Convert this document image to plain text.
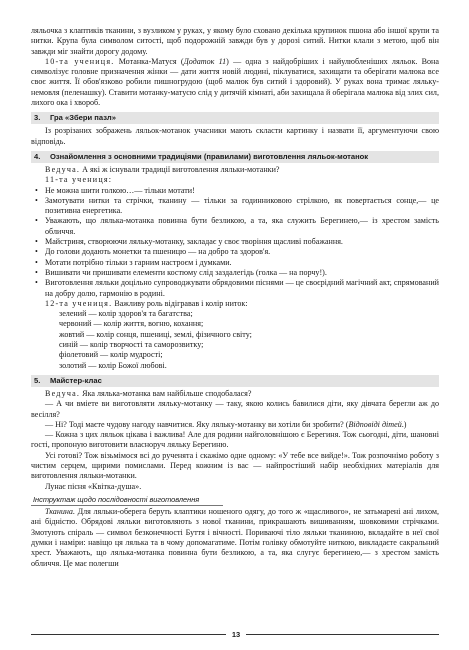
ляльочка з клаптиків тканини, з вузликом у руках, у якому було сховано декілька крупинок пшона або іншої крупи та нитки. Крупа була символом ситості, щоб подорожній завжди був у дорозі ситий. Нитки клали з метою, щоб він завжди міг знайти дорогу додому.

10-та учениця. Мотанка-Матуся (Додаток 11) — одна з найдобріших і найулюбленіших ляльок. Вона символізує головне призначення жінки — дати життя новій людині, піклуватися, захищати та оберігати малюка все своє життя. Її обов'язково робили пишногрудою (щоб малюк був ситий і здоровий). У руках вона тримає ляльку-немовля (пеленашку). Ставити мотанку-матусю слід у дитячій кімнаті, аби захищала й оберігала малюка від злих сил, лихого ока і хвороб.

3.	Гра «Збери пазл»

Із розрізаних зображень ляльок-мотанок учасники мають скласти картинку і назвати її, аргументуючи свою відповідь.

4.	Ознайомлення з основними традиціями (правилами) виготовлення ляльок-мотанок

Ведуча. А які ж існували традиції виготовлення ляльки-мотанки?

11-та учениця:

• Не можна шити голкою…— тільки мотати!
• Замотувати нитки та стрічки, тканину — тільки за годинниковою стрілкою, як повертається сонце,— це позитивна енергетика.
• Уважають, що лялька-мотанка повинна бути безликою, а та, яка служить Берегинею,— із хрестом замість обличчя.
• Майстриня, створюючи ляльку-мотанку, закладає у своє творіння щасливі побажання.
• До голови додають монетки та пшеницю — на добро та здоров'я.
• Мотати потрібно тільки з гарним настроєм і думками.
• Вишивати чи пришивати елементи костюму слід заздалегідь (голка — на порчу!).
• Виготовлення ляльки доцільно супроводжувати обрядовими піснями — це своєрідний магічний акт, спрямований на добру долю, гармонію в родині.

12-та учениця. Важливу роль відігравав і колір ниток:

зелений — колір здоров'я та багатства;
червоний — колір життя, вогню, кохання;
жовтий — колір сонця, пшениці, землі, фізичного світу;
синій — колір творчості та саморозвитку;
фіолетовий — колір мудрості;
золотий — колір Божої любові.
5.	Майстер-клас

Ведуча. Яка лялька-мотанка вам найбільше сподобалася?

— А чи вміете ви виготовляти ляльку-мотанку — таку, якою колись бавилися діти, яку дівчата берегли аж до весілля?

— Ні? Тоді маєте чудову нагоду навчитися. Яку ляльку-мотанку ви хотіли би зробити? (Відповіді дітей.)

— Кожна з цих ляльок цікава і важлива! Але для родини найголовнішою є Берегиня. Тож сьогодні, діти, шановні гості, пропоную виготовити власноруч ляльку Берегиню.

Усі готові? Тож візьмімося всі до рученята і скажімо одне одному: «У тебе все вийде!». Тож розпочнімо роботу з чистим серцем, щирими помислами. Перед кожним із вас — найпростіший набір необхідних матеріалів для виготовлення ляльки-мотанки.

Лунає пісня «Квітка-душа».

Інструктаж щодо послідовності виготовлення

Тканина. Для ляльки-оберега беруть клаптики ношеного одягу, до того ж «щасливого», не затьмарені ані лихом, ані бідністю. Обрядові ляльки виготовляють з нової тканини, прикрашають вишиванням, шовковими стрічками. Змотують спіраль — символ безконечності Буття і вічності. Пориваючі тіло ляльки тканиною, вкладайте в неї свої думки і наміри: навіщо ця лялька та в чому допомагатиме. Потім голівку обмотуйте ниткою, викладаєте сакральний хрест. Уважають, що лялька-мотанка повинна бути безликою, а та, яка слугує берегинею,— з хрестом замість обличчя. Це має полегши

13
